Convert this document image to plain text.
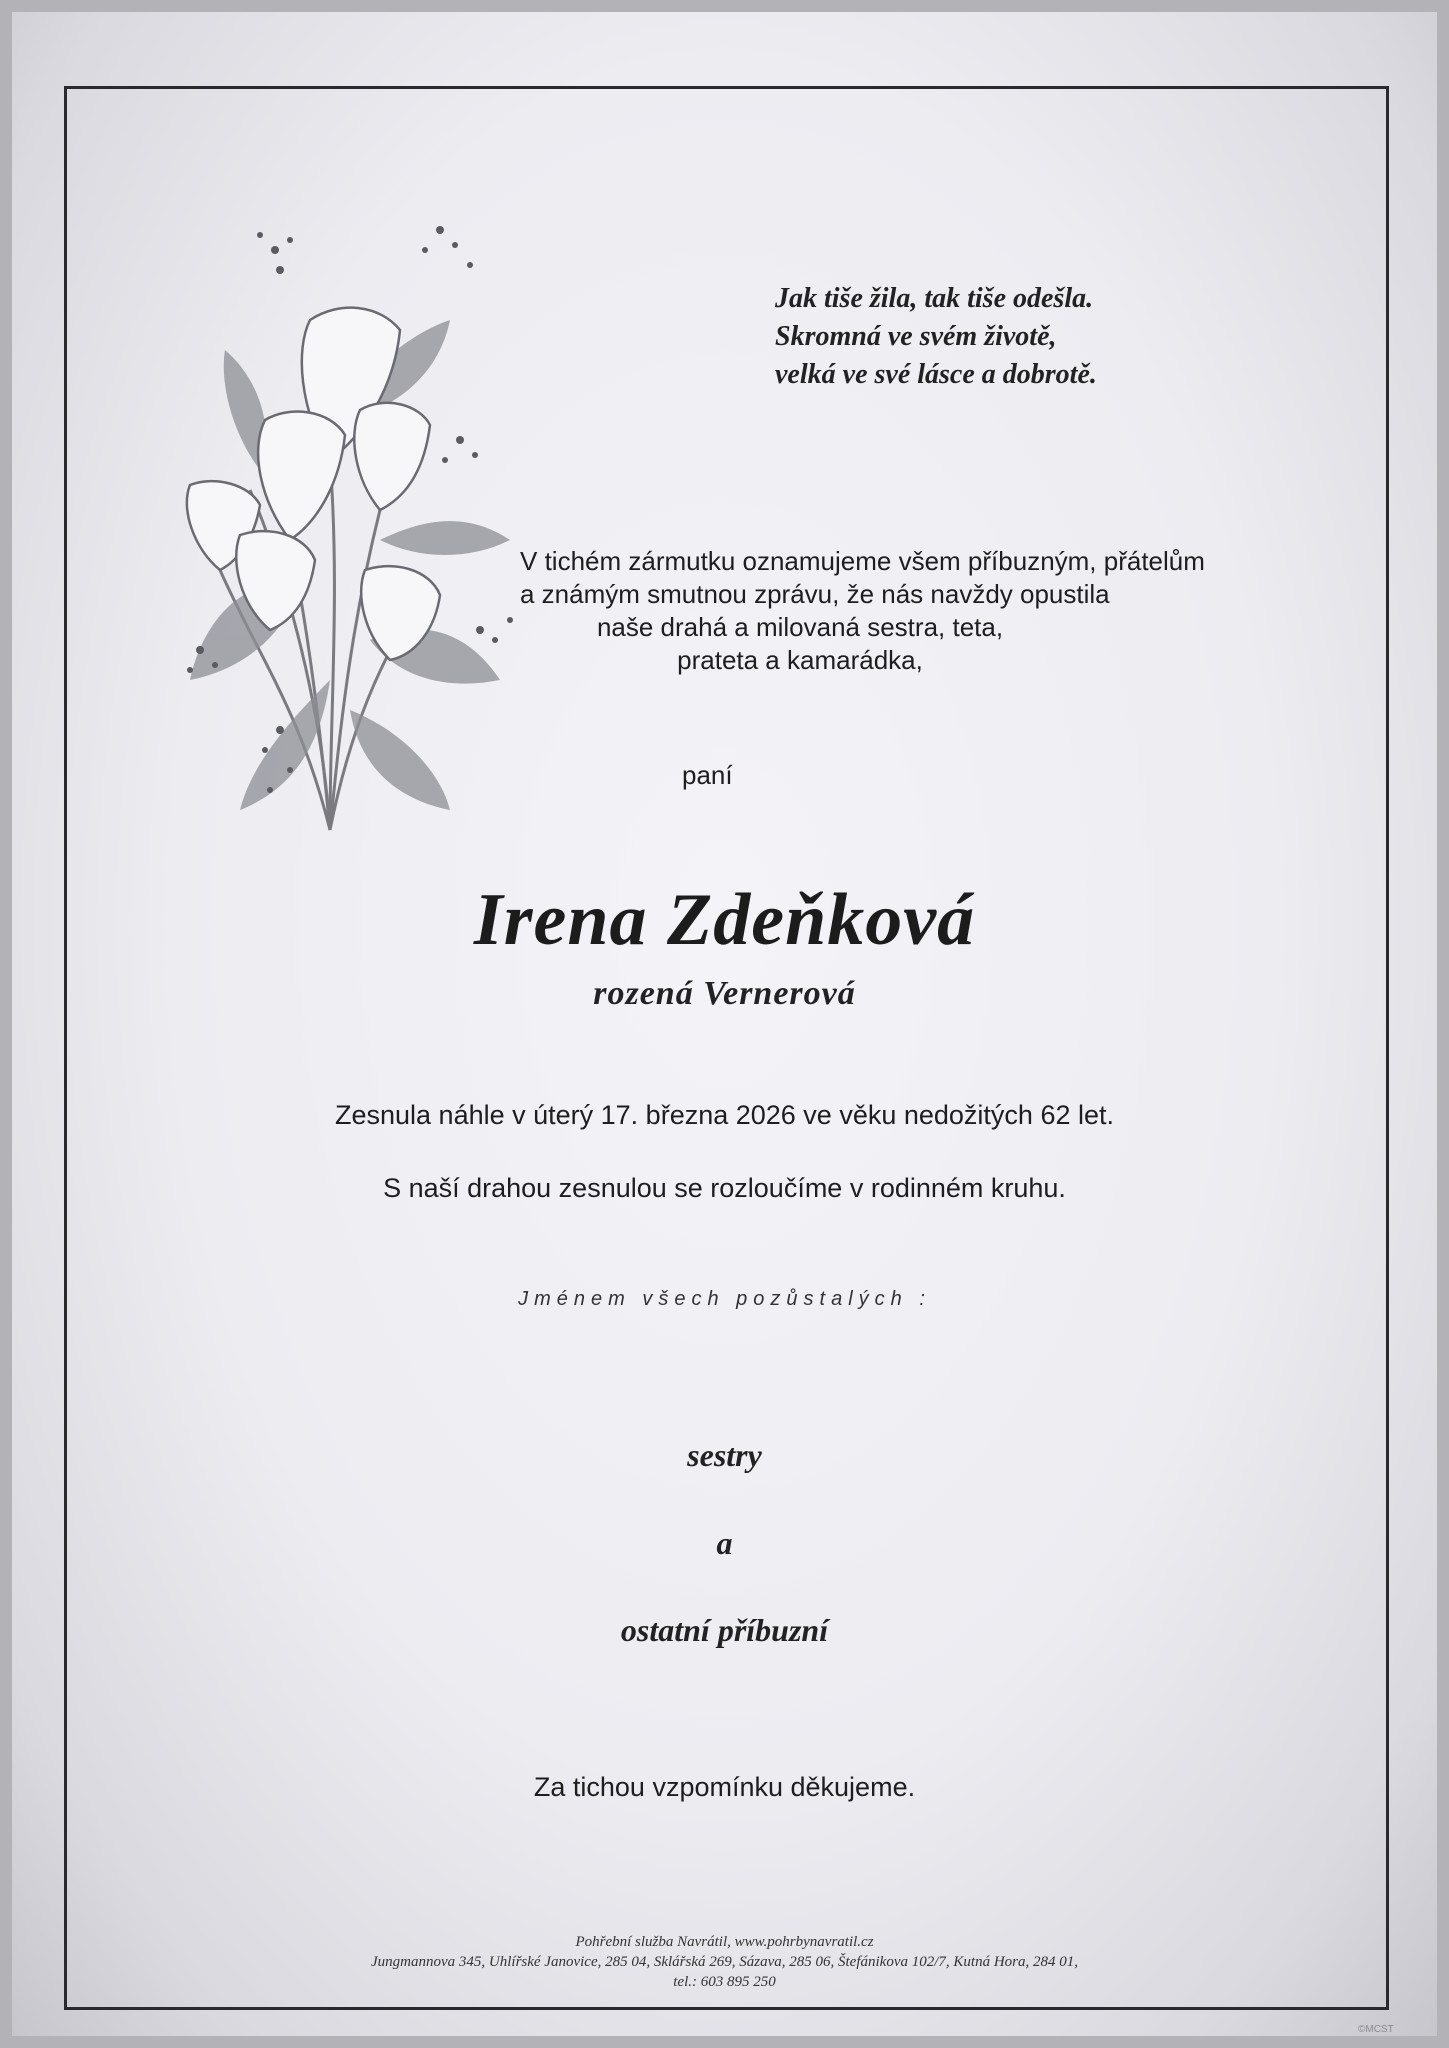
Jak tiše žila, tak tiše odešla.
Skromná ve svém životě,
velká ve své lásce a dobrotě.
V tichém zármutku oznamujeme všem příbuzným, přátelům
a známým smutnou zprávu, že nás navždy opustila
naše drahá a milovaná sestra, teta,
prateta a kamarádka,
paní
Irena Zdeňková
rozená Vernerová
Zesnula náhle v úterý 17. března 2026 ve věku nedožitých 62 let.
S naší drahou zesnulou se rozloučíme v rodinném kruhu.
Jménem všech pozůstalých :
sestry
a
ostatní příbuzní
Za tichou vzpomínku děkujeme.
Pohřební služba Navrátil, www.pohrbynavratil.cz
Jungmannova 345, Uhlířské Janovice, 285 04, Sklářská 269, Sázava, 285 06, Štefánikova 102/7, Kutná Hora, 284 01,
tel.: 603 895 250
©MCST
